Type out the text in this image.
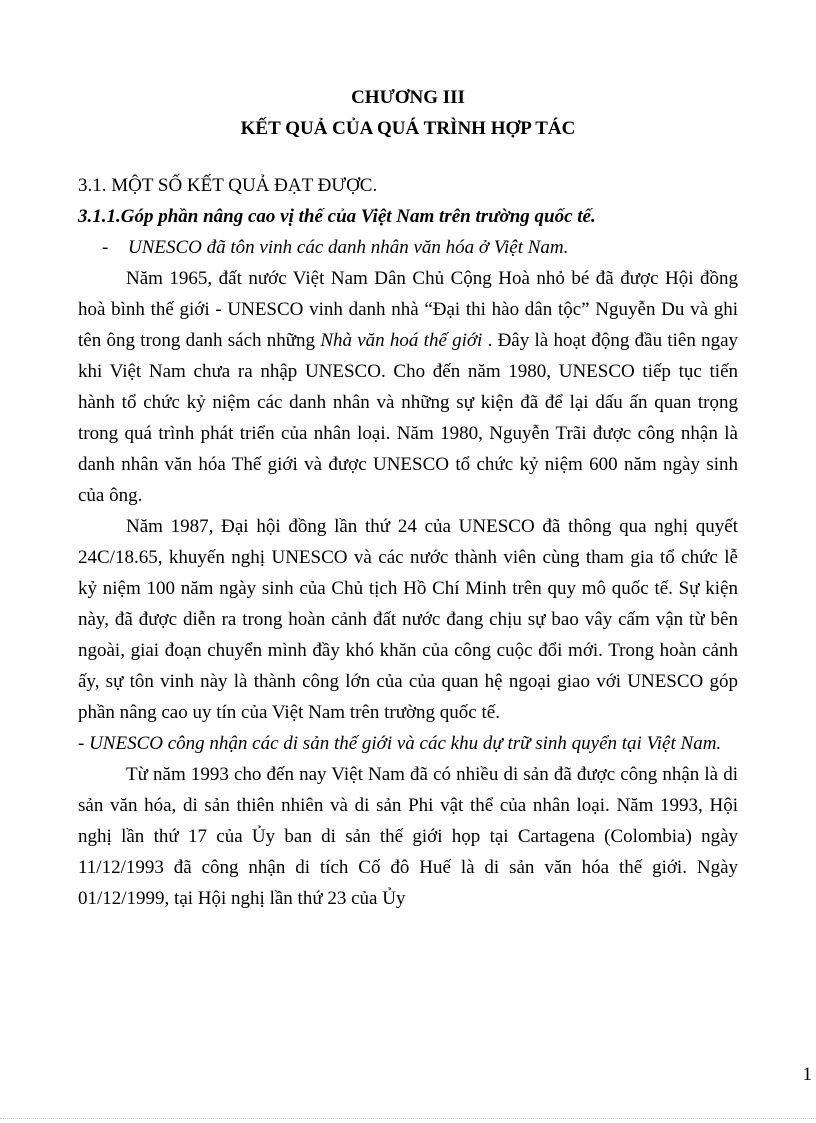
CHƯƠNG III

KẾT QUẢ CỦA QUÁ TRÌNH HỢP TÁC

3.1. MỘT SỐ KẾT QUẢ ĐẠT ĐƯỢC.

3.1.1.Góp phần nâng cao vị thế của Việt Nam trên trường quốc tế.

- UNESCO đã tôn vinh các danh nhân văn hóa ở Việt Nam.

Năm 1965, đất nước Việt Nam Dân Chủ Cộng Hoà nhỏ bé đã được Hội đồng hoà bình thế giới - UNESCO vinh danh nhà “Đại thi hào dân tộc” Nguyễn Du và ghi tên ông trong danh sách những Nhà văn hoá thế giới . Đây là hoạt động đầu tiên ngay khi Việt Nam chưa ra nhập UNESCO. Cho đến năm 1980, UNESCO tiếp tục tiến hành tổ chức kỷ niệm các danh nhân và những sự kiện đã để lại dấu ấn quan trọng trong quá trình phát triển của nhân loại. Năm 1980, Nguyễn Trãi được công nhận là danh nhân văn hóa Thế giới và được UNESCO tổ chức kỷ niệm 600 năm ngày sinh của ông.

Năm 1987, Đại hội đồng lần thứ 24 của UNESCO đã thông qua nghị quyết 24C/18.65, khuyến nghị UNESCO và các nước thành viên cùng tham gia tổ chức lễ kỷ niệm 100 năm ngày sinh của Chủ tịch Hồ Chí Minh trên quy mô quốc tế. Sự kiện này, đã được diễn ra trong hoàn cảnh đất nước đang chịu sự bao vây cấm vận từ bên ngoài, giai đoạn chuyển mình đầy khó khăn của công cuộc đổi mới. Trong hoàn cảnh ấy, sự tôn vinh này là thành công lớn của của quan hệ ngoại giao với UNESCO góp phần nâng cao uy tín của Việt Nam trên trường quốc tế.

- UNESCO công nhận các di sản thế giới và các khu dự trữ sinh quyển tại Việt Nam.

Từ năm 1993 cho đến nay Việt Nam đã có nhiều di sản đã được công nhận là di sản văn hóa, di sản thiên nhiên và di sản Phi vật thể của nhân loại. Năm 1993, Hội nghị lần thứ 17 của Ủy ban di sản thế giới họp tại Cartagena (Colombia) ngày 11/12/1993 đã công nhận di tích Cố đô Huế là di sản văn hóa thế giới. Ngày 01/12/1999, tại Hội nghị lần thứ 23 của Ủy

1
